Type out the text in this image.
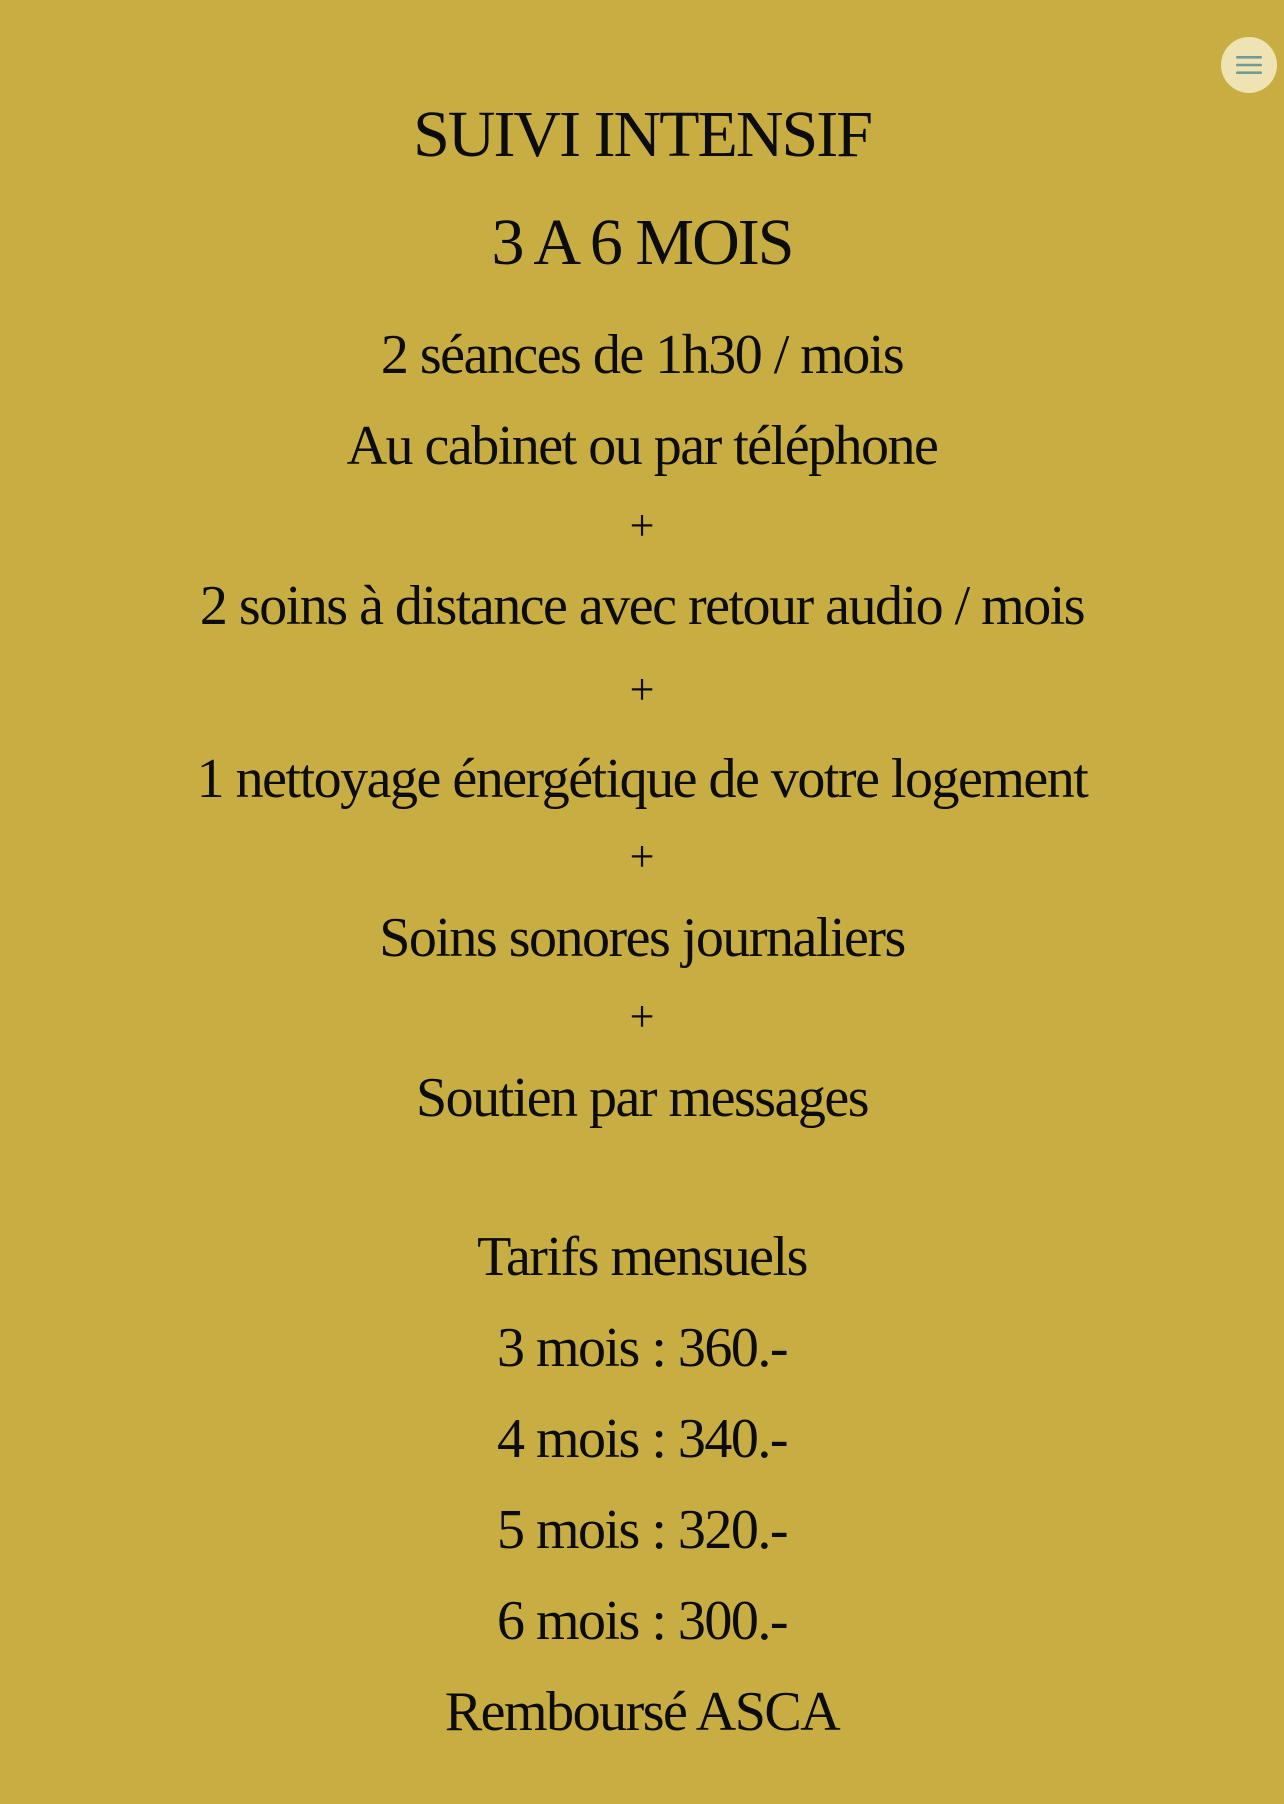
SUIVI INTENSIF
3 A 6 MOIS
2 séances de 1h30 / mois
Au cabinet ou par téléphone
+
2 soins à distance avec retour audio / mois
+
1 nettoyage énergétique de votre logement
+
Soins sonores journaliers
+
Soutien par messages
Tarifs mensuels
3 mois : 360.-
4 mois : 340.-
5 mois : 320.-
6 mois : 300.-
Remboursé ASCA
